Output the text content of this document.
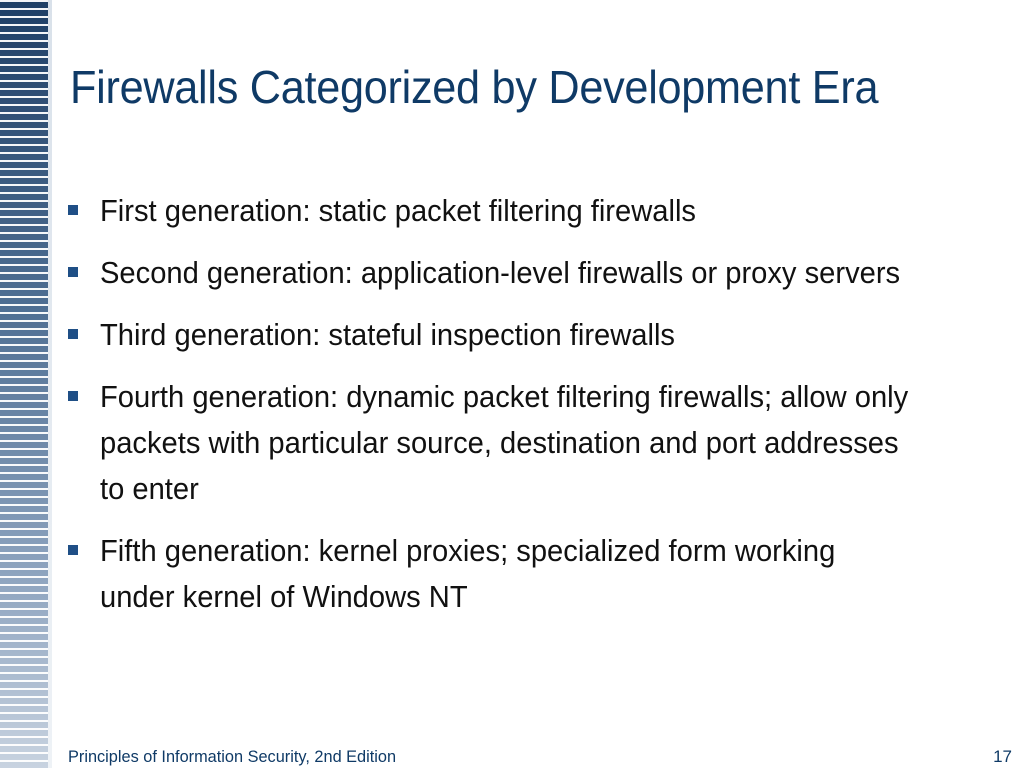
Firewalls Categorized by Development Era
First generation: static packet filtering firewalls
Second generation: application-level firewalls or proxy servers
Third generation: stateful inspection firewalls
Fourth generation: dynamic packet filtering firewalls; allow only packets with particular source, destination and port addresses to enter
Fifth generation: kernel proxies; specialized form working under kernel of Windows NT
Principles of Information Security, 2nd Edition	17
